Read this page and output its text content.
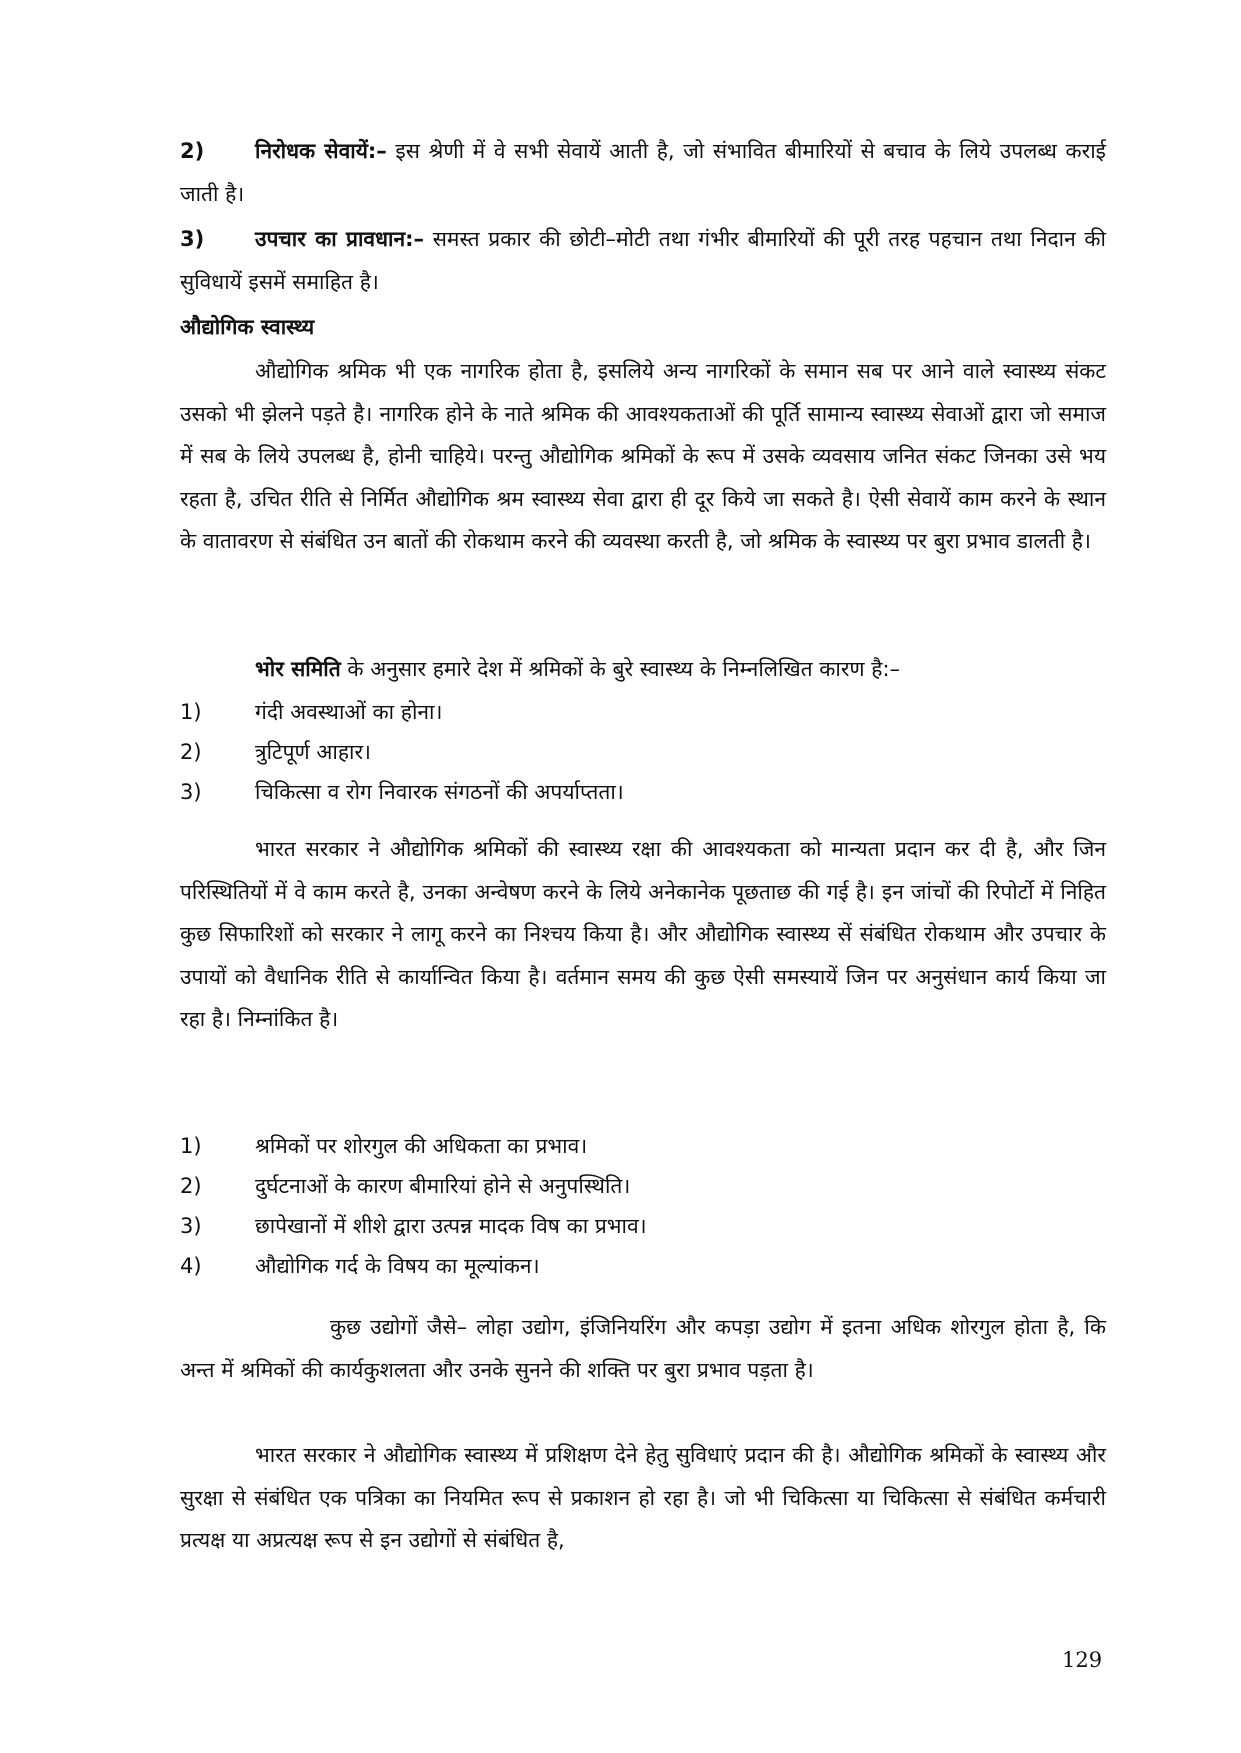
2) निरोधक सेवायें:– इस श्रेणी में वे सभी सेवायें आती है, जो संभावित बीमारियों से बचाव के लिये उपलब्ध कराई जाती है।

3) उपचार का प्रावधान:– समस्त प्रकार की छोटी–मोटी तथा गंभीर बीमारियों की पूरी तरह पहचान तथा निदान की सुविधायें इसमें समाहित है।

औद्योगिक स्वास्थ्य

औद्योगिक श्रमिक भी एक नागरिक होता है, इसलिये अन्य नागरिकों के समान सब पर आने वाले स्वास्थ्य संकट उसको भी झेलने पड़ते है। नागरिक होने के नाते श्रमिक की आवश्यकताओं की पूर्ति सामान्य स्वास्थ्य सेवाओं द्वारा जो समाज में सब के लिये उपलब्ध है, होनी चाहिये। परन्तु औद्योगिक श्रमिकों के रूप में उसके व्यवसाय जनित संकट जिनका उसे भय रहता है, उचित रीति से निर्मित औद्योगिक श्रम स्वास्थ्य सेवा द्वारा ही दूर किये जा सकते है। ऐसी सेवायें काम करने के स्थान के वातावरण से संबंधित उन बातों की रोकथाम करने की व्यवस्था करती है, जो श्रमिक के स्वास्थ्य पर बुरा प्रभाव डालती है।

भोर समिति के अनुसार हमारे देश में श्रमिकों के बुरे स्वास्थ्य के निम्नलिखित कारण है:–

1)	गंदी अवस्थाओं का होना।
2)	त्रुटिपूर्ण आहार।
3)	चिकित्सा व रोग निवारक संगठनों की अपर्याप्तता।

भारत सरकार ने औद्योगिक श्रमिकों की स्वास्थ्य रक्षा की आवश्यकता को मान्यता प्रदान कर दी है, और जिन परिस्थितियों में वे काम करते है, उनका अन्वेषण करने के लिये अनेकानेक पूछताछ की गई है। इन जांचों की रिपोर्टो में निहित कुछ सिफारिशों को सरकार ने लागू करने का निश्चय किया है। और औद्योगिक स्वास्थ्य सें संबंधित रोकथाम और उपचार के उपायों को वैधानिक रीति से कार्यान्वित किया है। वर्तमान समय की कुछ ऐसी समस्यायें जिन पर अनुसंधान कार्य किया जा रहा है। निम्नांकित है।

1)	श्रमिकों पर शोरगुल की अधिकता का प्रभाव।
2)	दुर्घटनाओं के कारण बीमारियां होने से अनुपस्थिति।
3)	छापेखानों में शीशे द्वारा उत्पन्न मादक विष का प्रभाव।
4)	औद्योगिक गर्द के विषय का मूल्यांकन।

कुछ उद्योगों जैसे– लोहा उद्योग, इंजिनियरिंग और कपड़ा उद्योग में इतना अधिक शोरगुल होता है, कि अन्त में श्रमिकों की कार्यकुशलता और उनके सुनने की शक्ति पर बुरा प्रभाव पड़ता है।

भारत सरकार ने औद्योगिक स्वास्थ्य में प्रशिक्षण देने हेतु सुविधाएं प्रदान की है। औद्योगिक श्रमिकों के स्वास्थ्य और सुरक्षा से संबंधित एक पत्रिका का नियमित रूप से प्रकाशन हो रहा है। जो भी चिकित्सा या चिकित्सा से संबंधित कर्मचारी प्रत्यक्ष या अप्रत्यक्ष रूप से इन उद्योगों से संबंधित है,

129
